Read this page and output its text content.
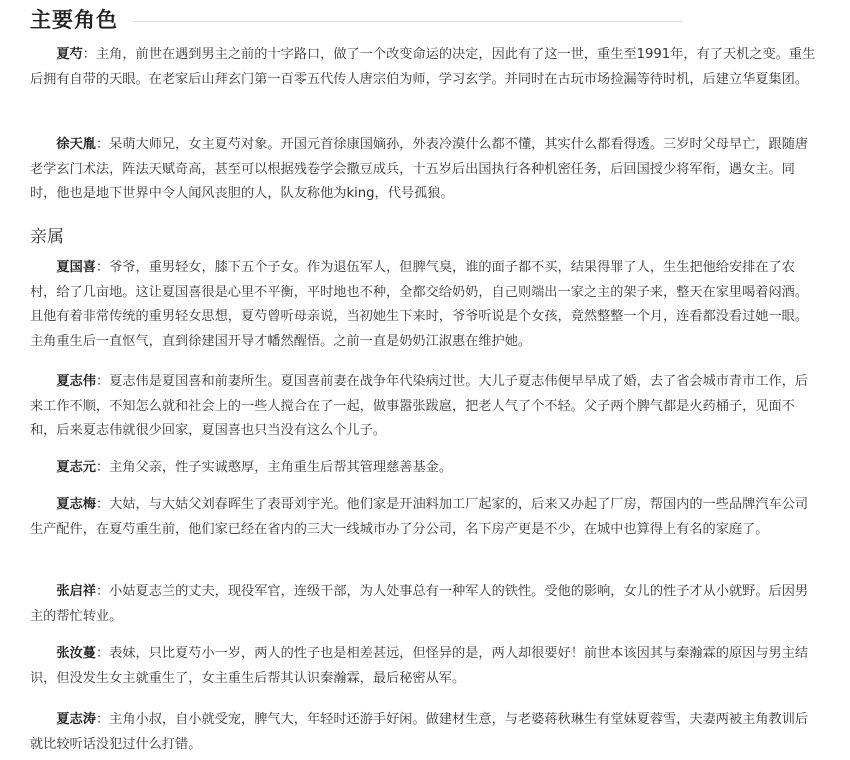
主要角色

夏芍：主角，前世在遇到男主之前的十字路口，做了一个改变命运的决定，因此有了这一世，重生至1991年，有了天机之变。重生后拥有自带的天眼。在老家后山拜玄门第一百零五代传人唐宗伯为师，学习玄学。并同时在古玩市场捡漏等待时机，后建立华夏集团。

徐天胤：呆萌大师兄，女主夏芍对象。开国元首徐康国嫡孙，外表冷漠什么都不懂，其实什么都看得透。三岁时父母早亡，跟随唐老学玄门术法，阵法天赋奇高，甚至可以根据残卷学会撒豆成兵，十五岁后出国执行各种机密任务，后回国授少将军衔，遇女主。同时，他也是地下世界中令人闻风丧胆的人，队友称他为king，代号孤狼。

亲属

夏国喜：爷爷，重男轻女，膝下五个子女。作为退伍军人，但脾气臭，谁的面子都不买，结果得罪了人，生生把他给安排在了农村，给了几亩地。这让夏国喜很是心里不平衡，平时地也不种，全都交给奶奶，自己则端出一家之主的架子来，整天在家里喝着闷酒。且他有着非常传统的重男轻女思想，夏芍曾听母亲说，当初她生下来时，爷爷听说是个女孩，竟然整整一个月，连看都没看过她一眼。主角重生后一直怄气，直到徐建国开导才幡然醒悟。之前一直是奶奶江淑惠在维护她。

夏志伟：夏志伟是夏国喜和前妻所生。夏国喜前妻在战争年代染病过世。大儿子夏志伟便早早成了婚，去了省会城市青市工作，后来工作不顺，不知怎么就和社会上的一些人搅合在了一起，做事嚣张跋扈，把老人气了个不轻。父子两个脾气都是火药桶子，见面不和，后来夏志伟就很少回家，夏国喜也只当没有这么个儿子。

夏志元：主角父亲，性子实诚憨厚，主角重生后帮其管理慈善基金。

夏志梅：大姑，与大姑父刘春晖生了表哥刘宇光。他们家是开油料加工厂起家的，后来又办起了厂房，帮国内的一些品牌汽车公司生产配件，在夏芍重生前，他们家已经在省内的三大一线城市办了分公司，名下房产更是不少，在城中也算得上有名的家庭了。

张启祥：小姑夏志兰的丈夫，现役军官，连级干部，为人处事总有一种军人的铁性。受他的影响，女儿的性子才从小就野。后因男主的帮忙转业。

张汝蔓：表妹，只比夏芍小一岁，两人的性子也是相差甚远，但怪异的是，两人却很要好！前世本该因其与秦瀚霖的原因与男主结识，但没发生女主就重生了，女主重生后帮其认识秦瀚霖，最后秘密从军。

夏志涛：主角小叔，自小就受宠，脾气大，年轻时还游手好闲。做建材生意，与老婆蒋秋琳生有堂妹夏蓉雪，夫妻两被主角教训后就比较听话没犯过什么打错。
